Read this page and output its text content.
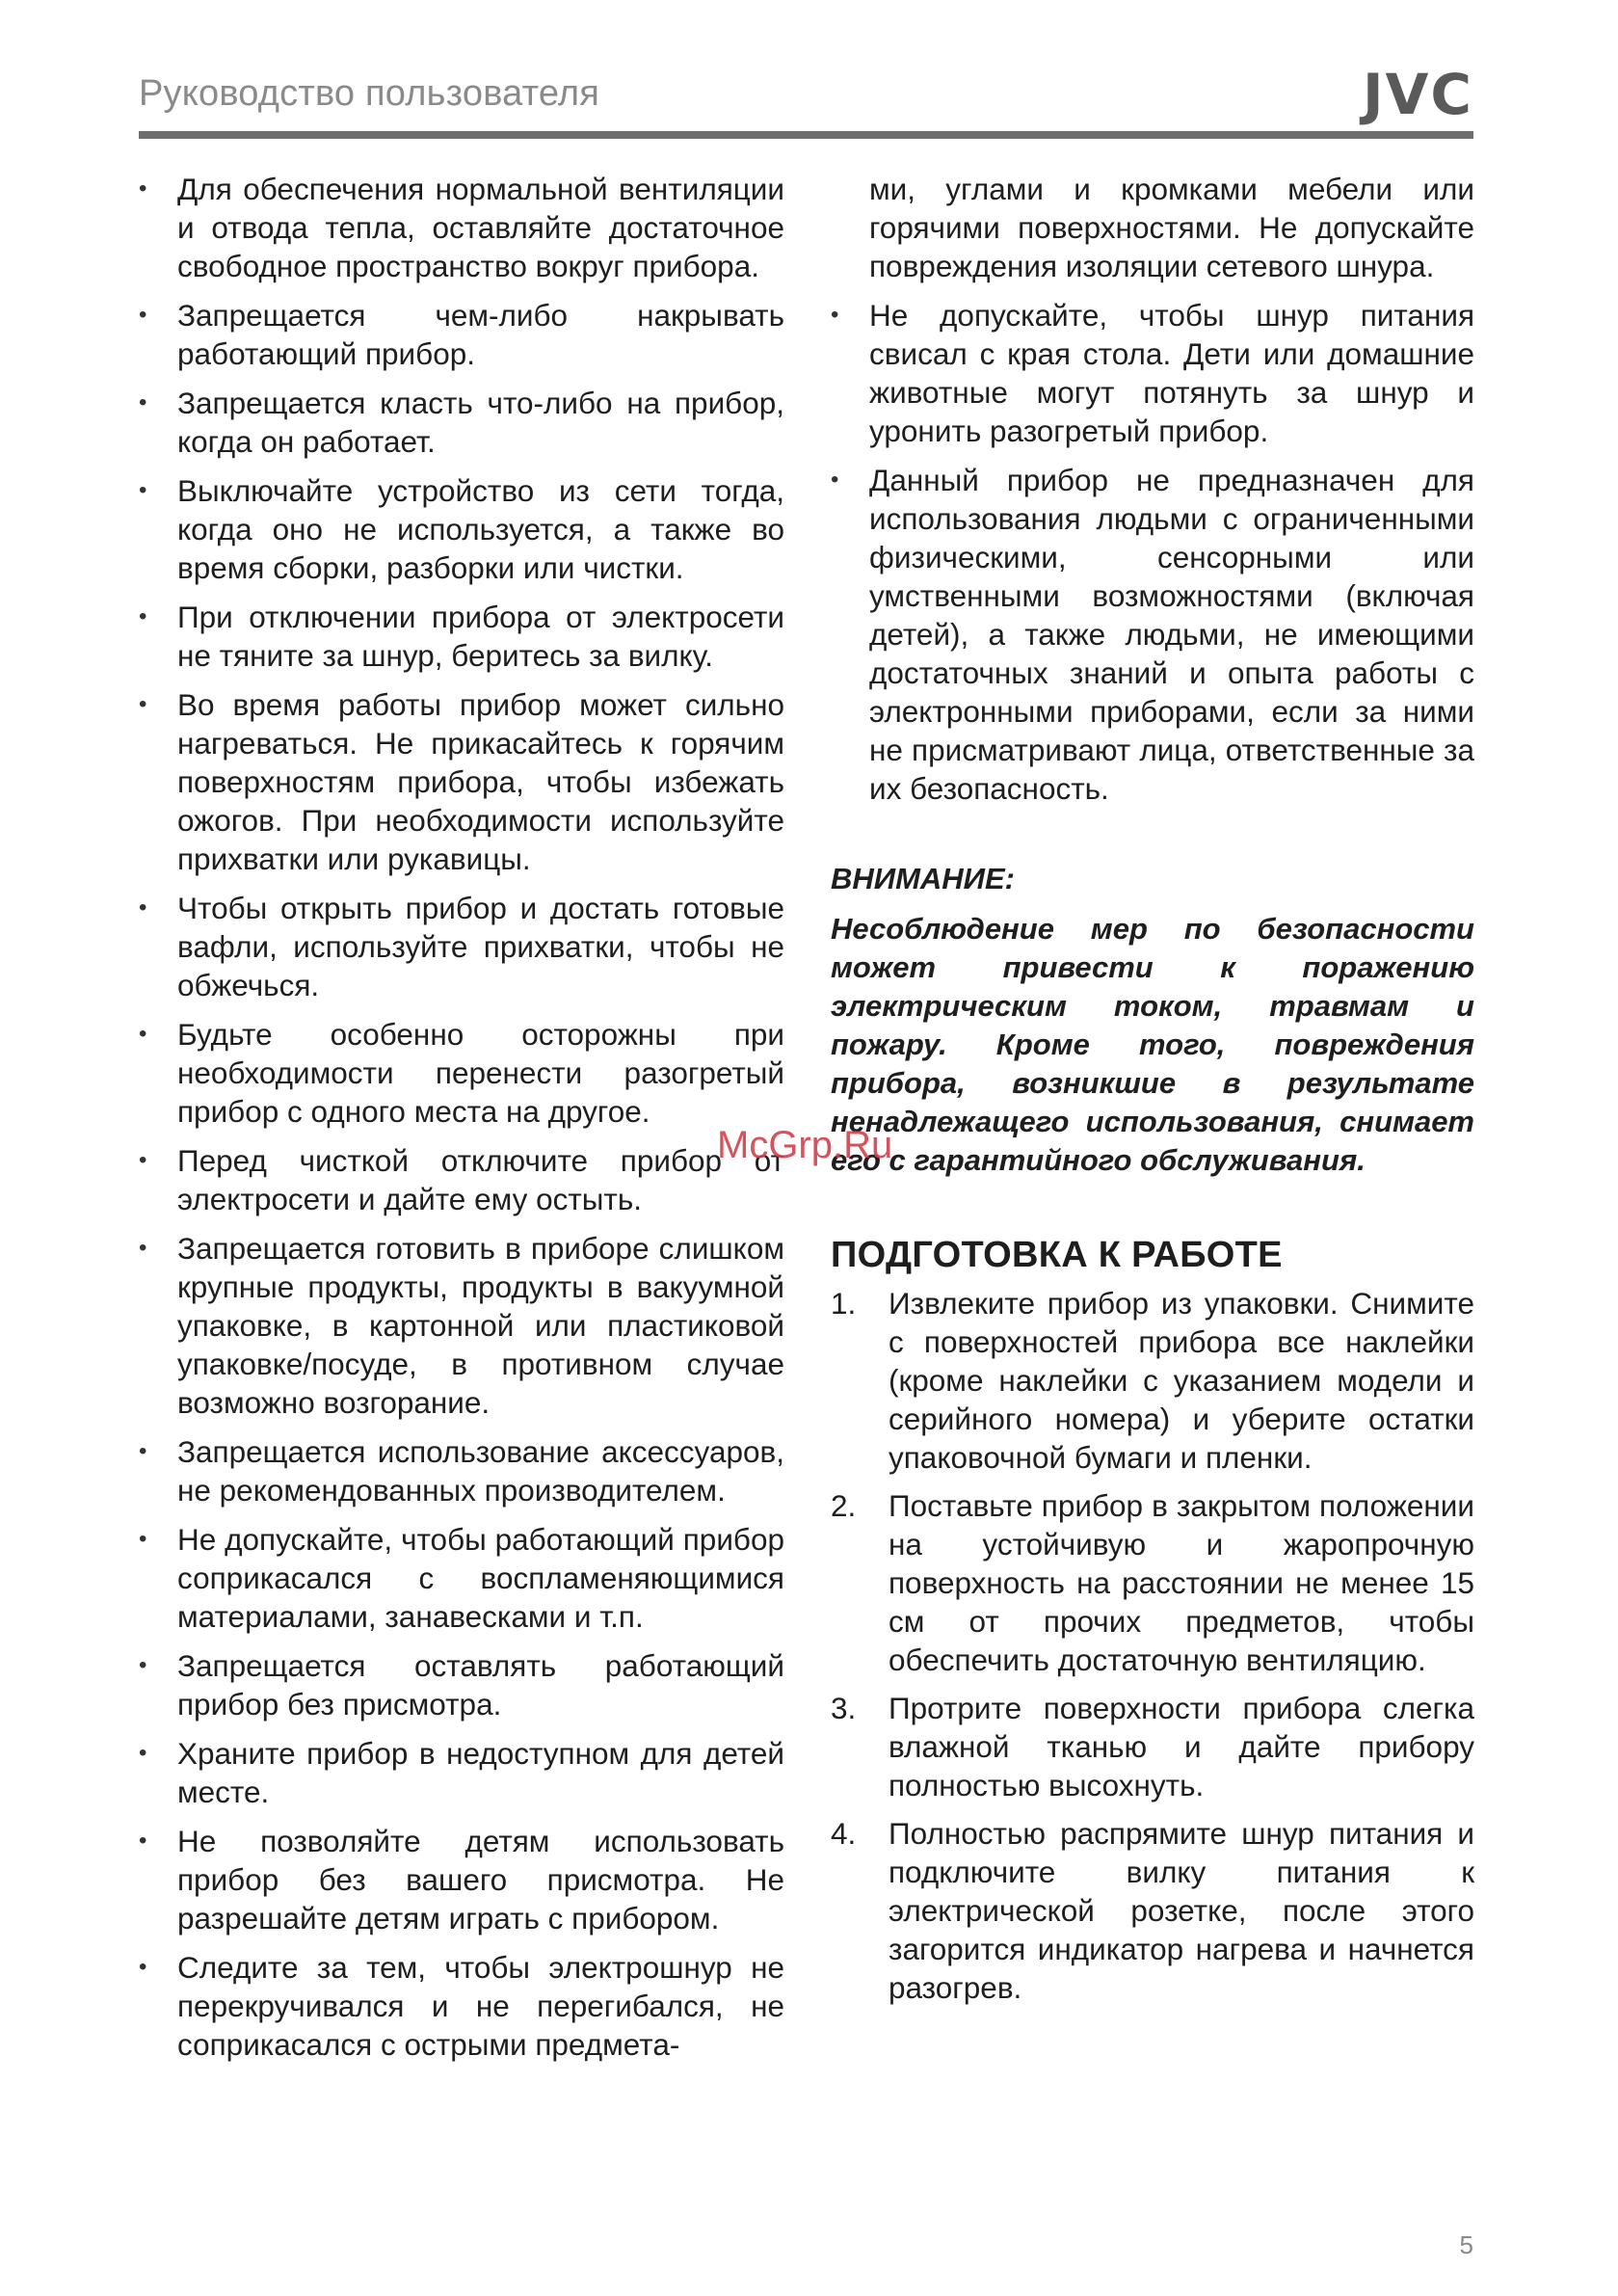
Руководство пользователя	JVC
• Для обеспечения нормальной вентиляции и отвода тепла, оставляйте достаточное свободное пространство вокруг прибора.
• Запрещается чем-либо накрывать работающий прибор.
• Запрещается класть что-либо на прибор, когда он работает.
• Выключайте устройство из сети тогда, когда оно не используется, а также во время сборки, разборки или чистки.
• При отключении прибора от электросети не тяните за шнур, беритесь за вилку.
• Во время работы прибор может сильно нагреваться. Не прикасайтесь к горячим поверхностям прибора, чтобы избежать ожогов. При необходимости используйте прихватки или рукавицы.
• Чтобы открыть прибор и достать готовые вафли, используйте прихватки, чтобы не обжечься.
• Будьте особенно осторожны при необходимости перенести разогретый прибор с одного места на другое.
• Перед чисткой отключите прибор от электросети и дайте ему остыть.
• Запрещается готовить в приборе слишком крупные продукты, продукты в вакуумной упаковке, в картонной или пластиковой упаковке/посуде, в противном случае возможно возгорание.
• Запрещается использование аксессуаров, не рекомендованных производителем.
• Не допускайте, чтобы работающий прибор соприкасался с воспламеняющимися материалами, занавесками и т.п.
• Запрещается оставлять работающий прибор без присмотра.
• Храните прибор в недоступном для детей месте.
• Не позволяйте детям использовать прибор без вашего присмотра. Не разрешайте детям играть с прибором.
• Следите за тем, чтобы электрошнур не перекручивался и не перегибался, не соприкасался с острыми предмета-
ми, углами и кромками мебели или горячими поверхностями. Не допускайте повреждения изоляции сетевого шнура.
• Не допускайте, чтобы шнур питания свисал с края стола. Дети или домашние животные могут потянуть за шнур и уронить разогретый прибор.
• Данный прибор не предназначен для использования людьми с ограниченными физическими, сенсорными или умственными возможностями (включая детей), а также людьми, не имеющими достаточных знаний и опыта работы с электронными приборами, если за ними не присматривают лица, ответственные за их безопасность.
ВНИМАНИЕ:
Несоблюдение мер по безопасности может привести к поражению электрическим током, травмам и пожару. Кроме того, повреждения прибора, возникшие в результате ненадлежащего использования, снимает его с гарантийного обслуживания.
ПОДГОТОВКА К РАБОТЕ
1. Извлеките прибор из упаковки. Снимите с поверхностей прибора все наклейки (кроме наклейки с указанием модели и серийного номера) и уберите остатки упаковочной бумаги и пленки.
2. Поставьте прибор в закрытом положении на устойчивую и жаропрочную поверхность на расстоянии не менее 15 см от прочих предметов, чтобы обеспечить достаточную вентиляцию.
3. Протрите поверхности прибора слегка влажной тканью и дайте прибору полностью высохнуть.
4. Полностью распрямите шнур питания и подключите вилку питания к электрической розетке, после этого загорится индикатор нагрева и начнется разогрев.
McGrp.Ru
5
